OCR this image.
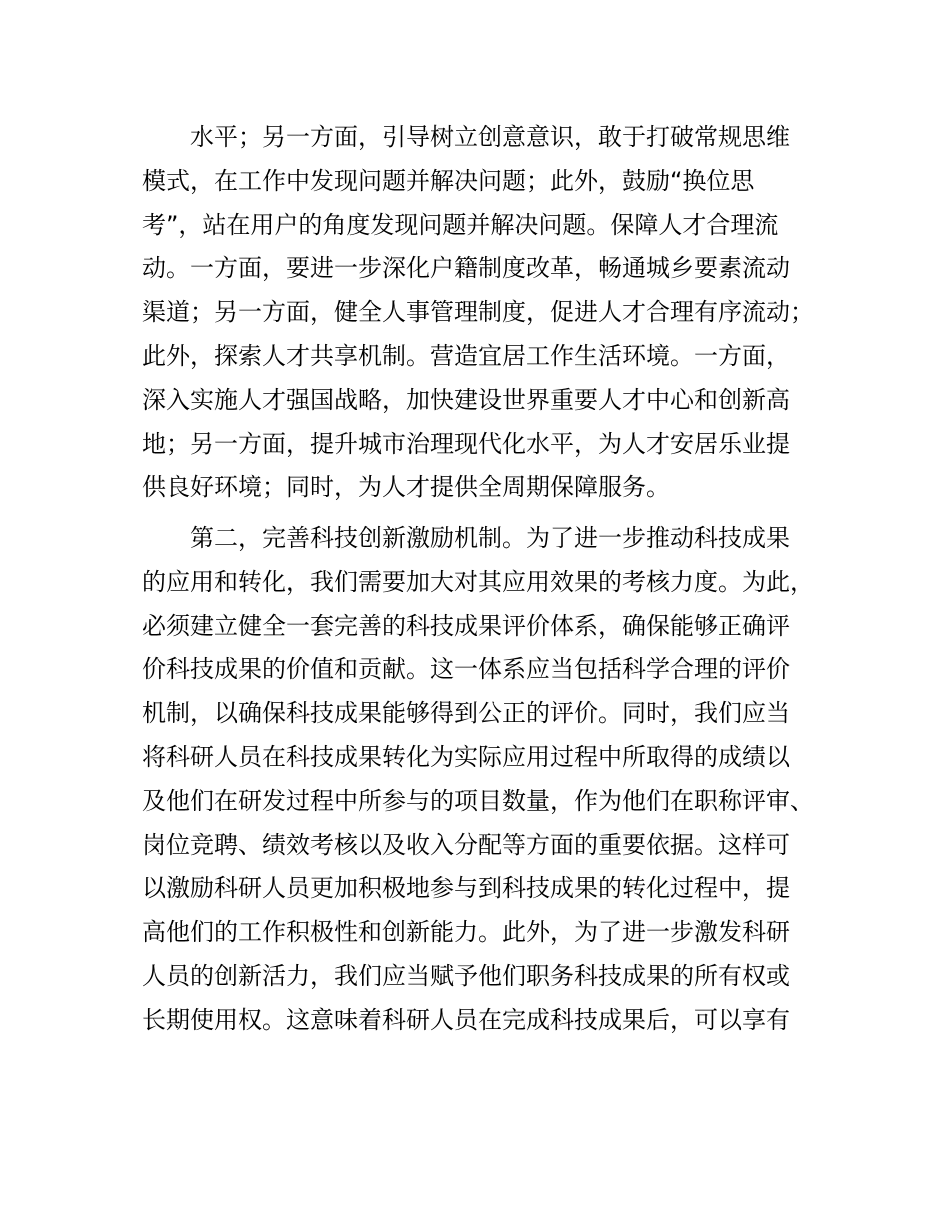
水平；另一方面，引导树立创意意识，敢于打破常规思维
模式，在工作中发现问题并解决问题；此外，鼓励“换位思
考”，站在用户的角度发现问题并解决问题。保障人才合理流
动。一方面，要进一步深化户籍制度改革，畅通城乡要素流动
渠道；另一方面，健全人事管理制度，促进人才合理有序流动；
此外，探索人才共享机制。营造宜居工作生活环境。一方面，
深入实施人才强国战略，加快建设世界重要人才中心和创新高
地；另一方面，提升城市治理现代化水平，为人才安居乐业提
供良好环境；同时，为人才提供全周期保障服务。
第二，完善科技创新激励机制。为了进一步推动科技成果
的应用和转化，我们需要加大对其应用效果的考核力度。为此，
必须建立健全一套完善的科技成果评价体系，确保能够正确评
价科技成果的价值和贡献。这一体系应当包括科学合理的评价
机制，以确保科技成果能够得到公正的评价。同时，我们应当
将科研人员在科技成果转化为实际应用过程中所取得的成绩以
及他们在研发过程中所参与的项目数量，作为他们在职称评审、
岗位竞聘、绩效考核以及收入分配等方面的重要依据。这样可
以激励科研人员更加积极地参与到科技成果的转化过程中，提
高他们的工作积极性和创新能力。此外，为了进一步激发科研
人员的创新活力，我们应当赋予他们职务科技成果的所有权或
长期使用权。这意味着科研人员在完成科技成果后，可以享有
